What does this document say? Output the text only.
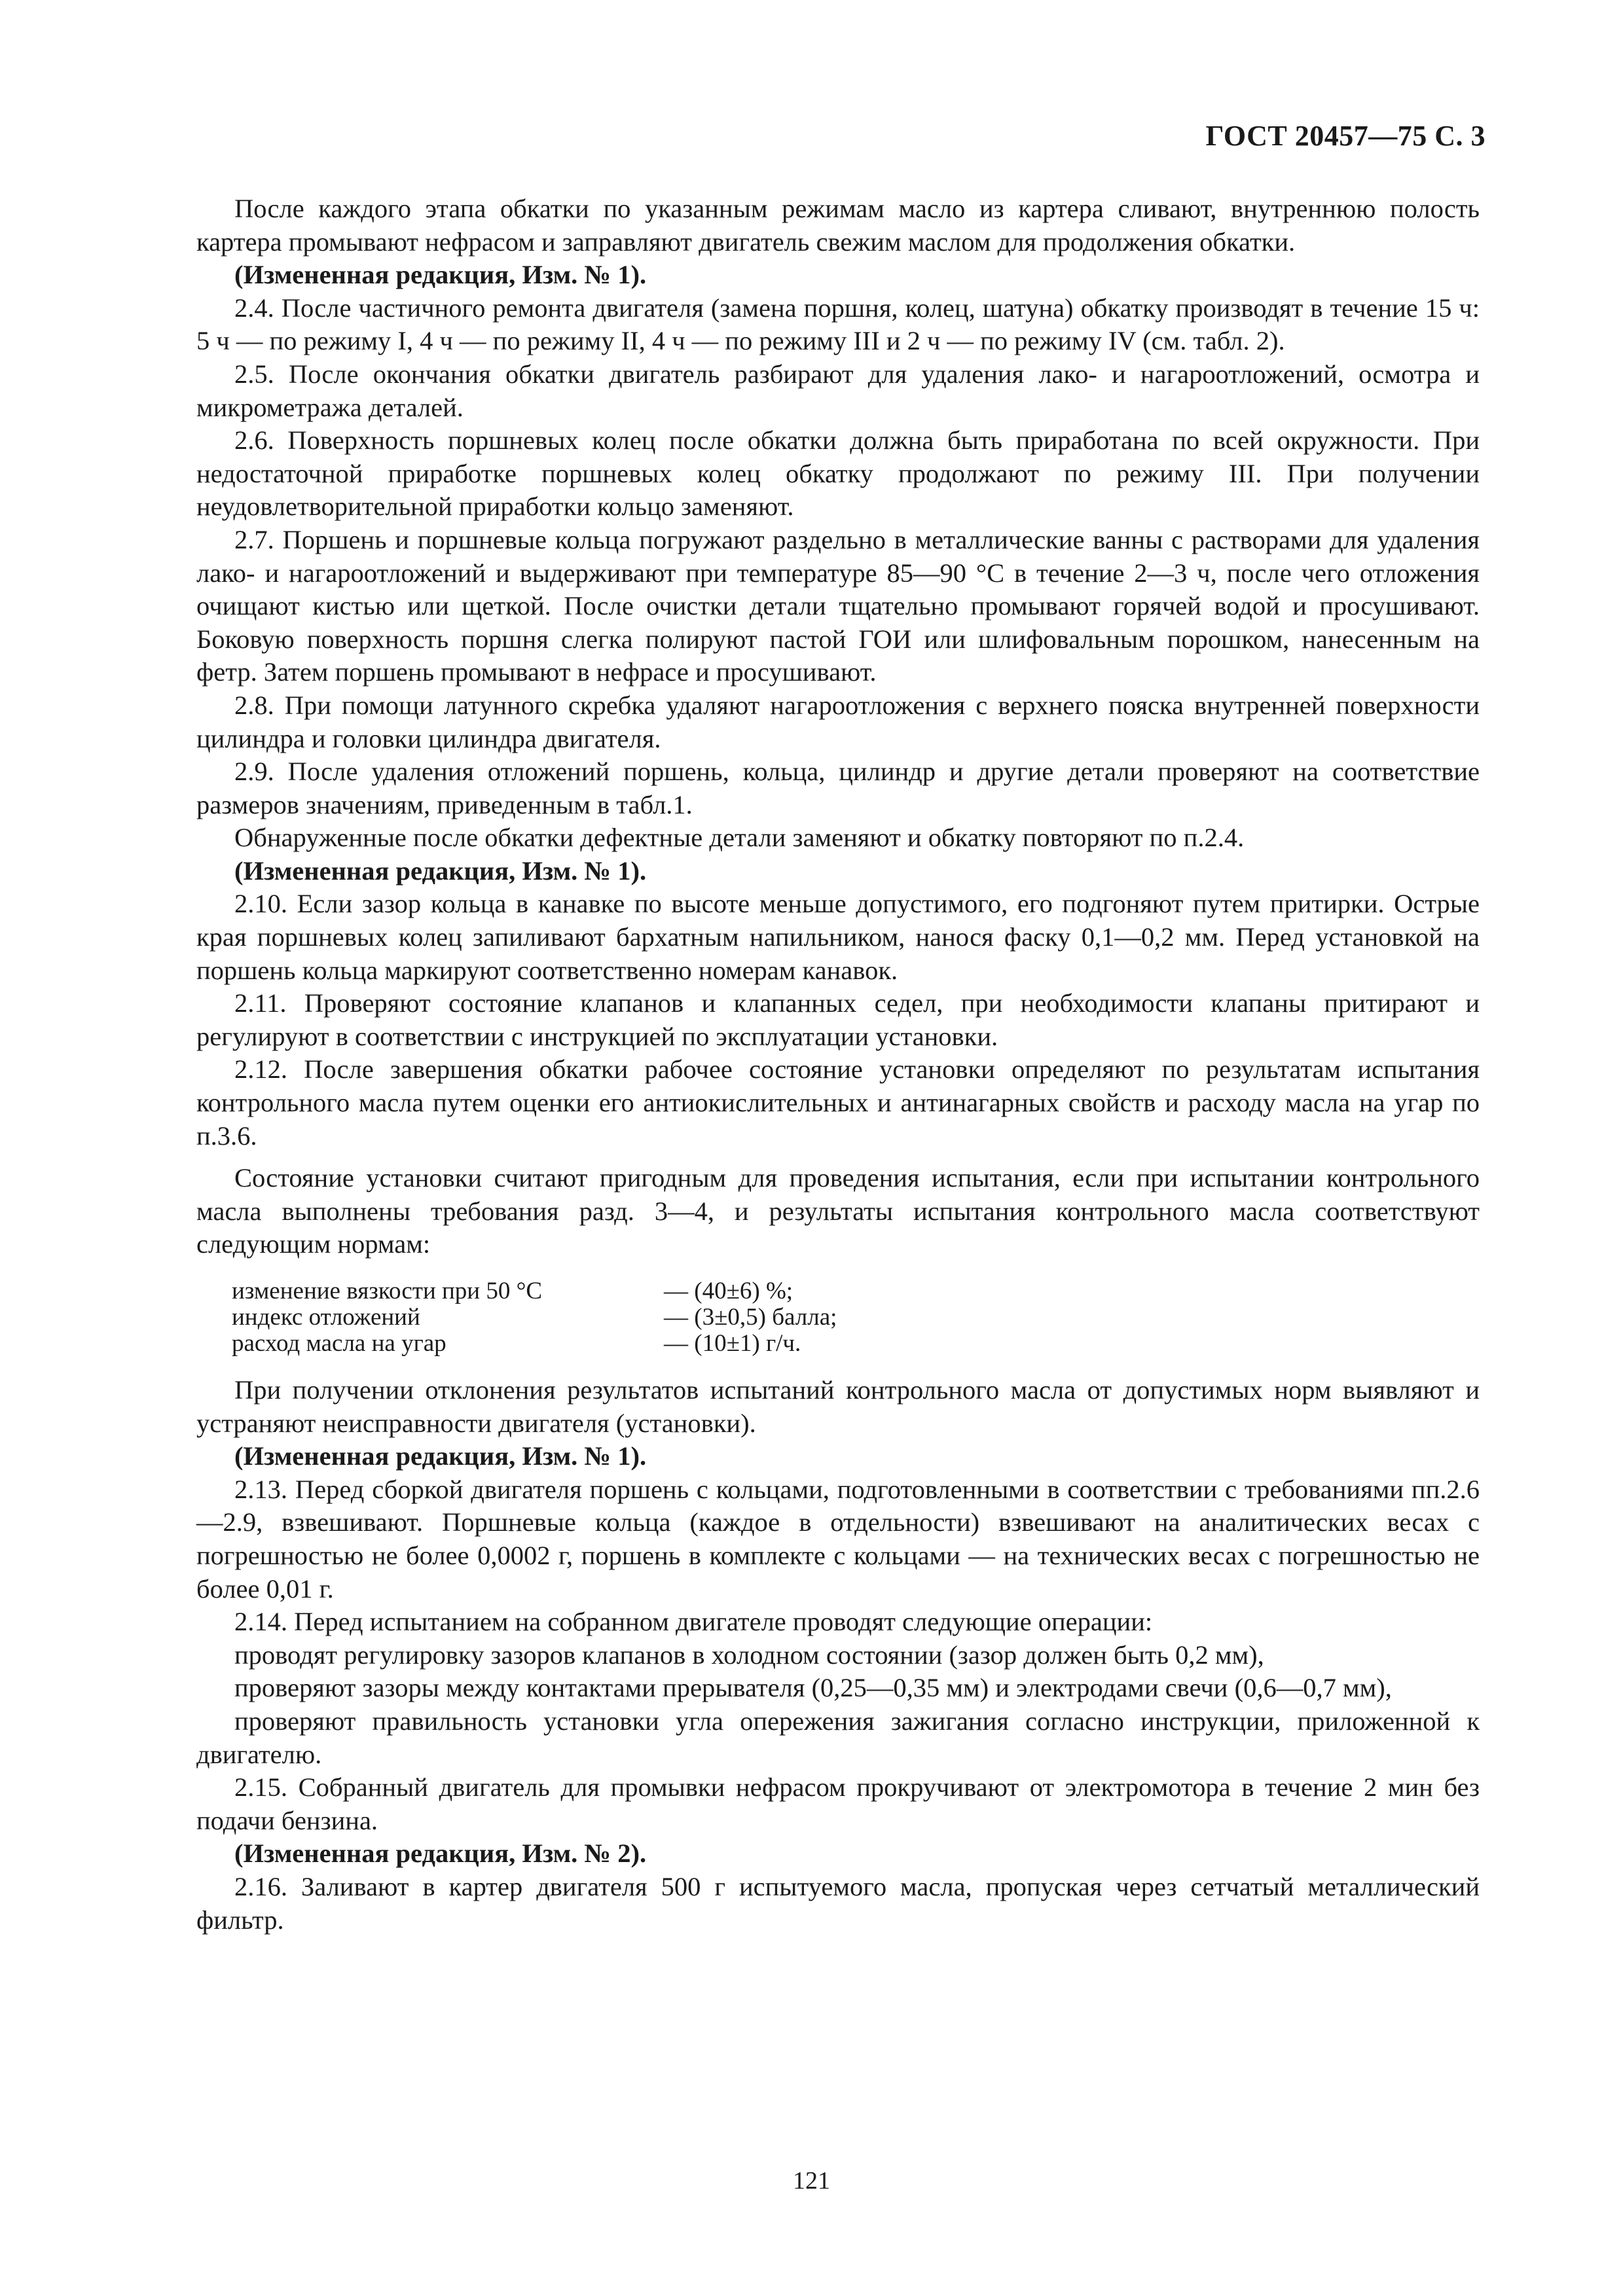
ГОСТ 20457—75 С. 3

После каждого этапа обкатки по указанным режимам масло из картера сливают, внутреннюю полость картера промывают нефрасом и заправляют двигатель свежим маслом для продолжения обкатки.

(Измененная редакция, Изм. № 1).

2.4. После частичного ремонта двигателя (замена поршня, колец, шатуна) обкатку производят в течение 15 ч: 5 ч — по режиму I, 4 ч — по режиму II, 4 ч — по режиму III и 2 ч — по режиму IV (см. табл. 2).

2.5. После окончания обкатки двигатель разбирают для удаления лако- и нагароотложений, осмотра и микрометража деталей.

2.6. Поверхность поршневых колец после обкатки должна быть приработана по всей окружности. При недостаточной приработке поршневых колец обкатку продолжают по режиму III. При получении неудовлетворительной приработки кольцо заменяют.

2.7. Поршень и поршневые кольца погружают раздельно в металлические ванны с растворами для удаления лако- и нагароотложений и выдерживают при температуре 85—90 °С в течение 2—3 ч, после чего отложения очищают кистью или щеткой. После очистки детали тщательно промывают горячей водой и просушивают. Боковую поверхность поршня слегка полируют пастой ГОИ или шлифовальным порошком, нанесенным на фетр. Затем поршень промывают в нефрасе и просушивают.

2.8. При помощи латунного скребка удаляют нагароотложения с верхнего пояска внутренней поверхности цилиндра и головки цилиндра двигателя.

2.9. После удаления отложений поршень, кольца, цилиндр и другие детали проверяют на соответствие размеров значениям, приведенным в табл.1.

Обнаруженные после обкатки дефектные детали заменяют и обкатку повторяют по п.2.4.

(Измененная редакция, Изм. № 1).

2.10. Если зазор кольца в канавке по высоте меньше допустимого, его подгоняют путем притирки. Острые края поршневых колец запиливают бархатным напильником, нанося фаску 0,1—0,2 мм. Перед установкой на поршень кольца маркируют соответственно номерам канавок.

2.11. Проверяют состояние клапанов и клапанных седел, при необходимости клапаны притирают и регулируют в соответствии с инструкцией по эксплуатации установки.

2.12. После завершения обкатки рабочее состояние установки определяют по результатам испытания контрольного масла путем оценки его антиокислительных и антинагарных свойств и расходу масла на угар по п.3.6.

Состояние установки считают пригодным для проведения испытания, если при испытании контрольного масла выполнены требования разд. 3—4, и результаты испытания контрольного масла соответствуют следующим нормам:

изменение вязкости при 50 °С	— (40±6) %;
индекс отложений	— (3±0,5) балла;
расход масла на угар	— (10±1) г/ч.

При получении отклонения результатов испытаний контрольного масла от допустимых норм выявляют и устраняют неисправности двигателя (установки).

(Измененная редакция, Изм. № 1).

2.13. Перед сборкой двигателя поршень с кольцами, подготовленными в соответствии с требованиями пп.2.6—2.9, взвешивают. Поршневые кольца (каждое в отдельности) взвешивают на аналитических весах с погрешностью не более 0,0002 г, поршень в комплекте с кольцами — на технических весах с погрешностью не более 0,01 г.

2.14. Перед испытанием на собранном двигателе проводят следующие операции:

проводят регулировку зазоров клапанов в холодном состоянии (зазор должен быть 0,2 мм),

проверяют зазоры между контактами прерывателя (0,25—0,35 мм) и электродами свечи (0,6—0,7 мм),

проверяют правильность установки угла опережения зажигания согласно инструкции, приложенной к двигателю.

2.15. Собранный двигатель для промывки нефрасом прокручивают от электромотора в течение 2 мин без подачи бензина.

(Измененная редакция, Изм. № 2).

2.16. Заливают в картер двигателя 500 г испытуемого масла, пропуская через сетчатый металлический фильтр.

121
